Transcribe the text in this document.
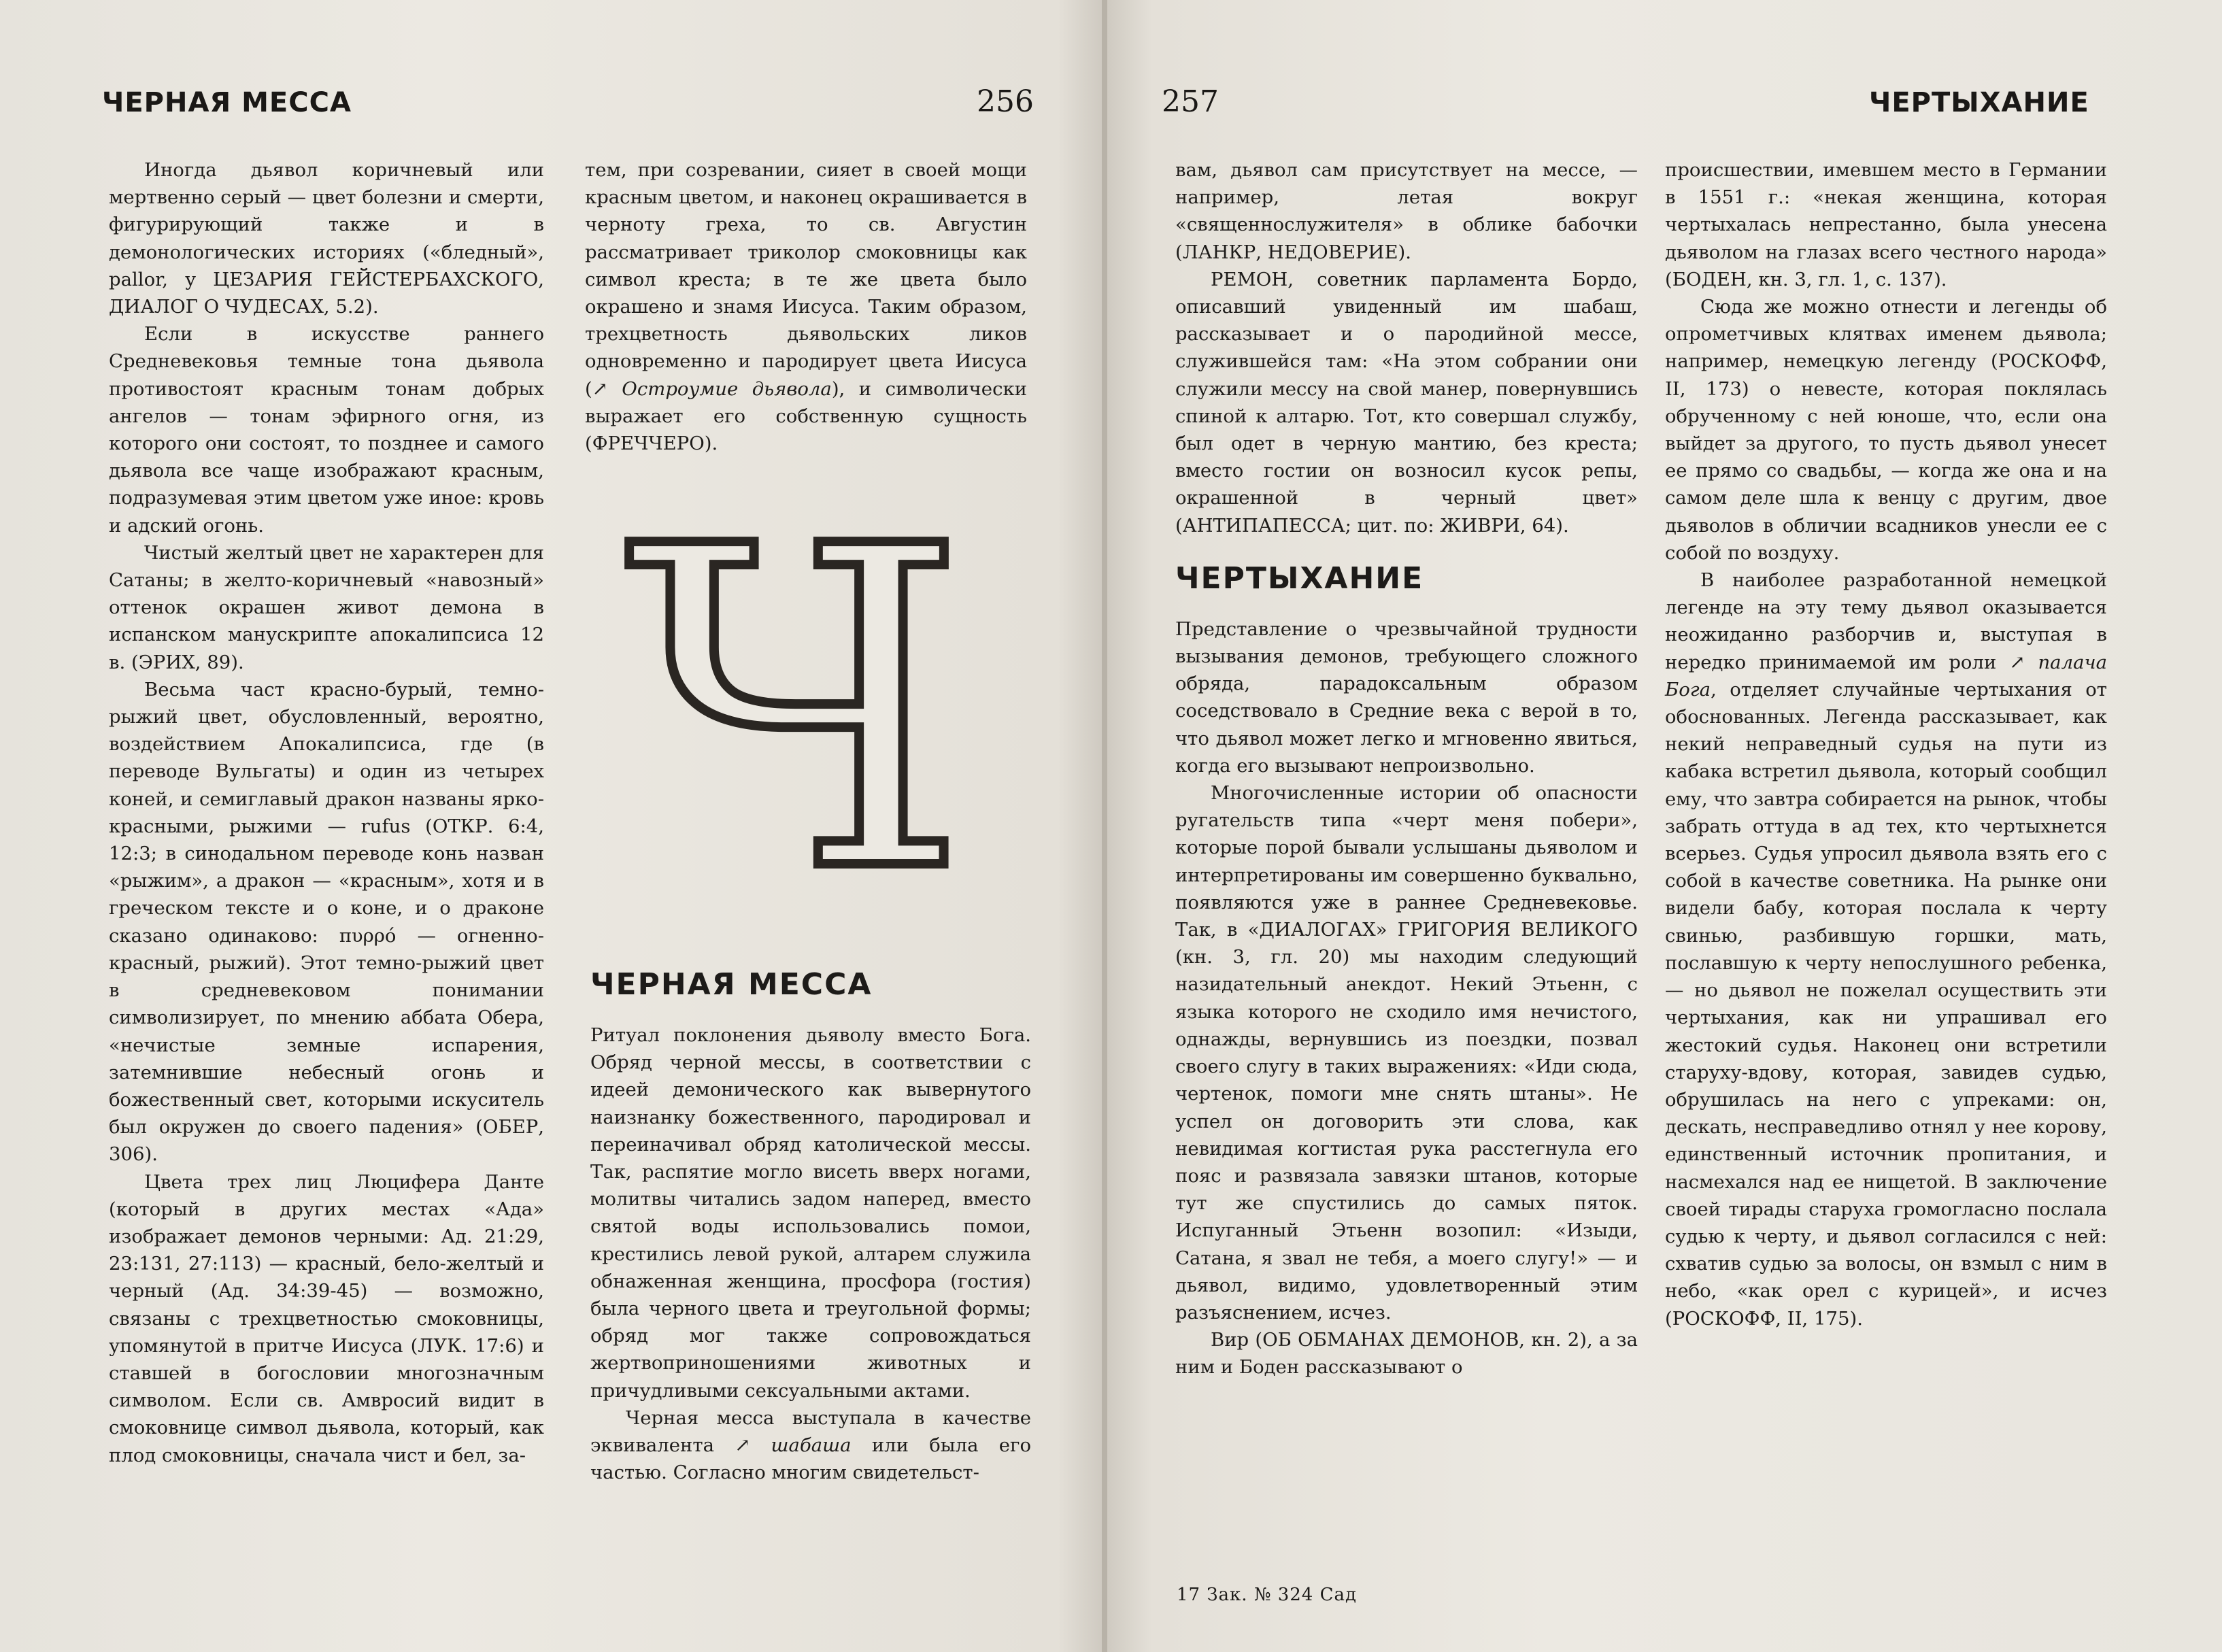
ЧЕРНАЯ МЕССА	256

Иногда дьявол коричневый или мертвенно серый — цвет болезни и смерти, фигурирующий также и в демонологических историях («бледный», pallor, у ЦЕЗАРИЯ ГЕЙСТЕРБАХСКОГО, ДИАЛОГ О ЧУДЕСАХ, 5.2).

Если в искусстве раннего Средневековья темные тона дьявола противостоят красным тонам добрых ангелов — тонам эфирного огня, из которого они состоят, то позднее и самого дьявола все чаще изображают красным, подразумевая этим цветом уже иное: кровь и адский огонь.

Чистый желтый цвет не характерен для Сатаны; в желто-коричневый «навозный» оттенок окрашен живот демона в испанском манускрипте апокалипсиса 12 в. (ЭРИХ, 89).

Весьма част красно-бурый, темно-рыжий цвет, обусловленный, вероятно, воздействием Апокалипсиса, где (в переводе Вульгаты) и один из четырех коней, и семиглавый дракон названы ярко-красными, рыжими — rufus (ОТКР. 6:4, 12:3; в синодальном переводе конь назван «рыжим», а дракон — «красным», хотя и в греческом тексте и о коне, и о драконе сказано одинаково: πυρρό — огненно-красный, рыжий). Этот темно-рыжий цвет в средневековом понимании символизирует, по мнению аббата Обера, «нечистые земные испарения, затемнившие небесный огонь и божественный свет, которыми искуситель был окружен до своего падения» (ОБЕР, 306).

Цвета трех лиц Люцифера Данте (который в других местах «Ада» изображает демонов черными: Ад. 21:29, 23:131, 27:113) — красный, бело-желтый и черный (Ад. 34:39-45) — возможно, связаны с трехцветностью смоковницы, упомянутой в притче Иисуса (ЛУК. 17:6) и ставшей в богословии многозначным символом. Если св. Амвросий видит в смоковнице символ дьявола, который, как плод смоковницы, сначала чист и бел, за-

тем, при созревании, сияет в своей мощи красным цветом, и наконец окрашивается в черноту греха, то св. Августин рассматривает триколор смоковницы как символ креста; в те же цвета было окрашено и знамя Иисуса. Таким образом, трехцветность дьявольских ликов одновременно и пародирует цвета Иисуса (↗ Остроумие дьявола), и символически выражает его собственную сущность (ФРЕЧЧЕРО).

Ч
ЧЕРНАЯ МЕССА

Ритуал поклонения дьяволу вместо Бога. Обряд черной мессы, в соответствии с идеей демонического как вывернутого наизнанку божественного, пародировал и переиначивал обряд католической мессы. Так, распятие могло висеть вверх ногами, молитвы читались задом наперед, вместо святой воды использовались помои, крестились левой рукой, алтарем служила обнаженная женщина, просфора (гостия) была черного цвета и треугольной формы; обряд мог также сопровождаться жертвоприношениями животных и причудливыми сексуальными актами.

Черная месса выступала в качестве эквивалента ↗ шабаша или была его частью. Согласно многим свидетельст-

257	ЧЕРТЫХАНИЕ

вам, дьявол сам присутствует на мессе, — например, летая вокруг «священнослужителя» в облике бабочки (ЛАНКР, НЕДОВЕРИЕ).

РЕМОН, советник парламента Бордо, описавший увиденный им шабаш, рассказывает и о пародийной мессе, служившейся там: «На этом собрании они служили мессу на свой манер, повернувшись спиной к алтарю. Тот, кто совершал службу, был одет в черную мантию, без креста; вместо гостии он возносил кусок репы, окрашенной в черный цвет» (АНТИПАПЕССА; цит. по: ЖИВРИ, 64).

ЧЕРТЫХАНИЕ

Представление о чрезвычайной трудности вызывания демонов, требующего сложного обряда, парадоксальным образом соседствовало в Средние века с верой в то, что дьявол может легко и мгновенно явиться, когда его вызывают непроизвольно.

Многочисленные истории об опасности ругательств типа «черт меня побери», которые порой бывали услышаны дьяволом и интерпретированы им совершенно буквально, появляются уже в раннее Средневековье. Так, в «ДИАЛОГАХ» ГРИГОРИЯ ВЕЛИКОГО (кн. 3, гл. 20) мы находим следующий назидательный анекдот. Некий Этьенн, с языка которого не сходило имя нечистого, однажды, вернувшись из поездки, позвал своего слугу в таких выражениях: «Иди сюда, чертенок, помоги мне снять штаны». Не успел он договорить эти слова, как невидимая когтистая рука расстегнула его пояс и развязала завязки штанов, которые тут же спустились до самых пяток. Испуганный Этьенн возопил: «Изыди, Сатана, я звал не тебя, а моего слугу!» — и дьявол, видимо, удовлетворенный этим разъяснением, исчез.

Вир (ОБ ОБМАНАХ ДЕМОНОВ, кн. 2), а за ним и Боден рассказывают о

происшествии, имевшем место в Германии в 1551 г.: «некая женщина, которая чертыхалась непрестанно, была унесена дьяволом на глазах всего честного народа» (БОДЕН, кн. 3, гл. 1, с. 137).

Сюда же можно отнести и легенды об опрометчивых клятвах именем дьявола; например, немецкую легенду (РОСКОФФ, II, 173) о невесте, которая поклялась обрученному с ней юноше, что, если она выйдет за другого, то пусть дьявол унесет ее прямо со свадьбы, — когда же она и на самом деле шла к венцу с другим, двое дьяволов в обличии всадников унесли ее с собой по воздуху.

В наиболее разработанной немецкой легенде на эту тему дьявол оказывается неожиданно разборчив и, выступая в нередко принимаемой им роли ↗ палача Бога, отделяет случайные чертыхания от обоснованных. Легенда рассказывает, как некий неправедный судья на пути из кабака встретил дьявола, который сообщил ему, что завтра собирается на рынок, чтобы забрать оттуда в ад тех, кто чертыхнется всерьез. Судья упросил дьявола взять его с собой в качестве советника. На рынке они видели бабу, которая послала к черту свинью, разбившую горшки, мать, пославшую к черту непослушного ребенка, — но дьявол не пожелал осуществить эти чертыхания, как ни упрашивал его жестокий судья. Наконец они встретили старуху-вдову, которая, завидев судью, обрушилась на него с упреками: он, дескать, несправедливо отнял у нее корову, единственный источник пропитания, и насмехался над ее нищетой. В заключение своей тирады старуха громогласно послала судью к черту, и дьявол согласился с ней: схватив судью за волосы, он взмыл с ним в небо, «как орел с курицей», и исчез (РОСКОФФ, II, 175).

17 Зак. № 324 Сад
